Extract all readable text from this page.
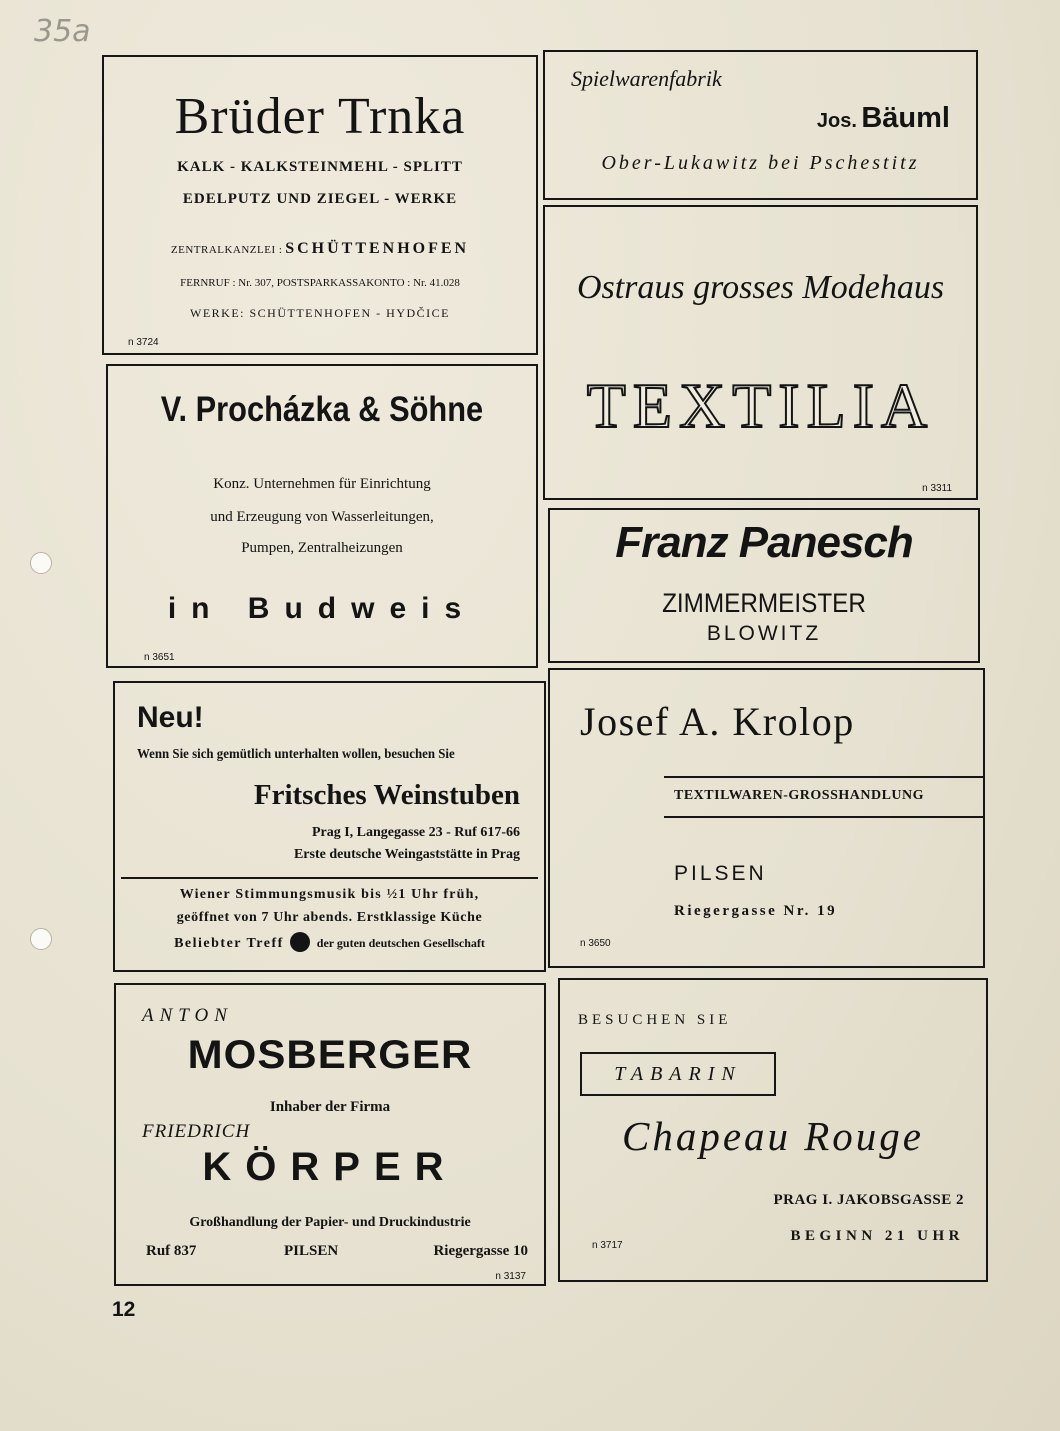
35a
12
Brüder Trnka
KALK - KALKSTEINMEHL - SPLITT
EDELPUTZ UND ZIEGEL - WERKE
ZENTRALKANZLEI : SCHÜTTENHOFEN
FERNRUF : Nr. 307, POSTSPARKASSAKONTO : Nr. 41.028
WERKE: SCHÜTTENHOFEN - HYDČICE
n 3724
Spielwarenfabrik
Jos. Bäuml
Ober-Lukawitz bei Pschestitz
Ostraus grosses Modehaus
TEXTILIA
n 3311
V. Procházka & Söhne
Konz. Unternehmen für Einrichtung
und Erzeugung von Wasserleitungen,
Pumpen, Zentralheizungen
in Budweis
n 3651
Franz Panesch
ZIMMERMEISTER
BLOWITZ
Neu!
Wenn Sie sich gemütlich unterhalten wollen, besuchen Sie
Fritsches Weinstuben
Prag I, Langegasse 23 - Ruf 617-66
Erste deutsche Weingaststätte in Prag
Wiener Stimmungsmusik bis ½1 Uhr früh,
geöffnet von 7 Uhr abends. Erstklassige Küche
Beliebter Treff	der guten deutschen Gesellschaft
Josef A. Krolop
TEXTILWAREN-GROSSHANDLUNG
PILSEN
Riegergasse Nr. 19
n 3650
ANTON
MOSBERGER
Inhaber der Firma
FRIEDRICH
KÖRPER
Großhandlung der Papier- und Druckindustrie
Ruf 837	PILSEN	Riegergasse 10
n 3137
BESUCHEN SIE
TABARIN
Chapeau Rouge
PRAG I. JAKOBSGASSE 2
BEGINN 21 UHR
n 3717
